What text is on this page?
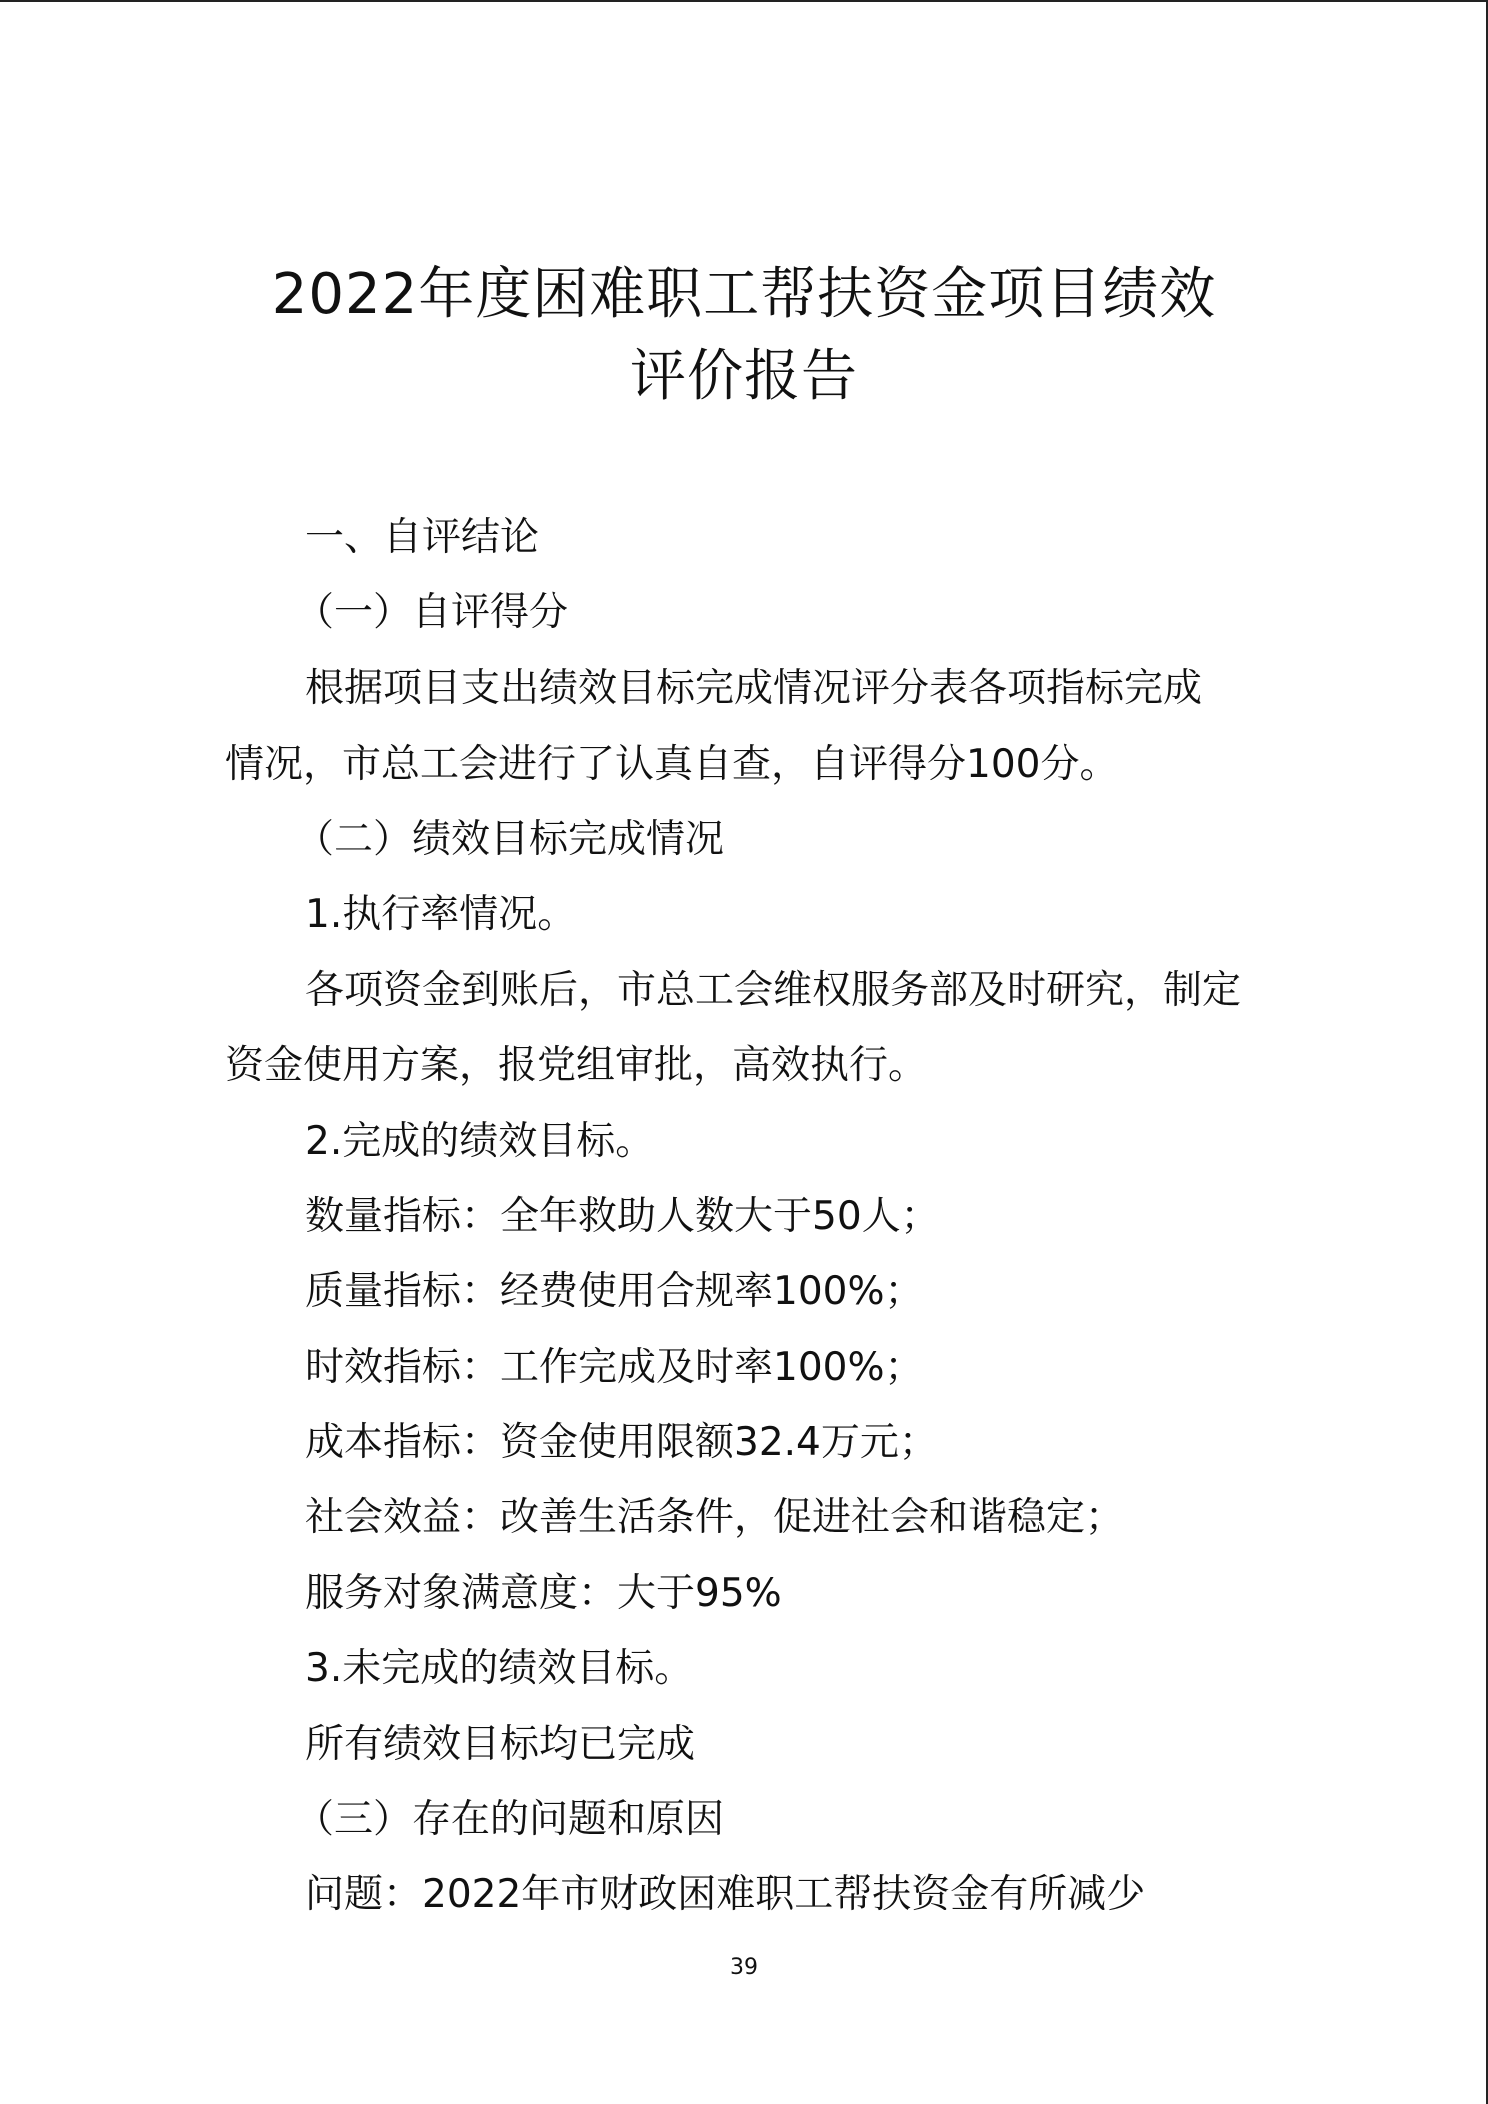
2022年度困难职工帮扶资金项目绩效
评价报告
一、自评结论
（一）自评得分
根据项目支出绩效目标完成情况评分表各项指标完成
情况，市总工会进行了认真自查，自评得分100分。
（二）绩效目标完成情况
1.执行率情况。
各项资金到账后，市总工会维权服务部及时研究，制定
资金使用方案，报党组审批，高效执行。
2.完成的绩效目标。
数量指标：全年救助人数大于50人；
质量指标：经费使用合规率100%；
时效指标：工作完成及时率100%；
成本指标：资金使用限额32.4万元；
社会效益：改善生活条件，促进社会和谐稳定；
服务对象满意度：大于95%
3.未完成的绩效目标。
所有绩效目标均已完成
（三）存在的问题和原因
问题：2022年市财政困难职工帮扶资金有所减少
39
